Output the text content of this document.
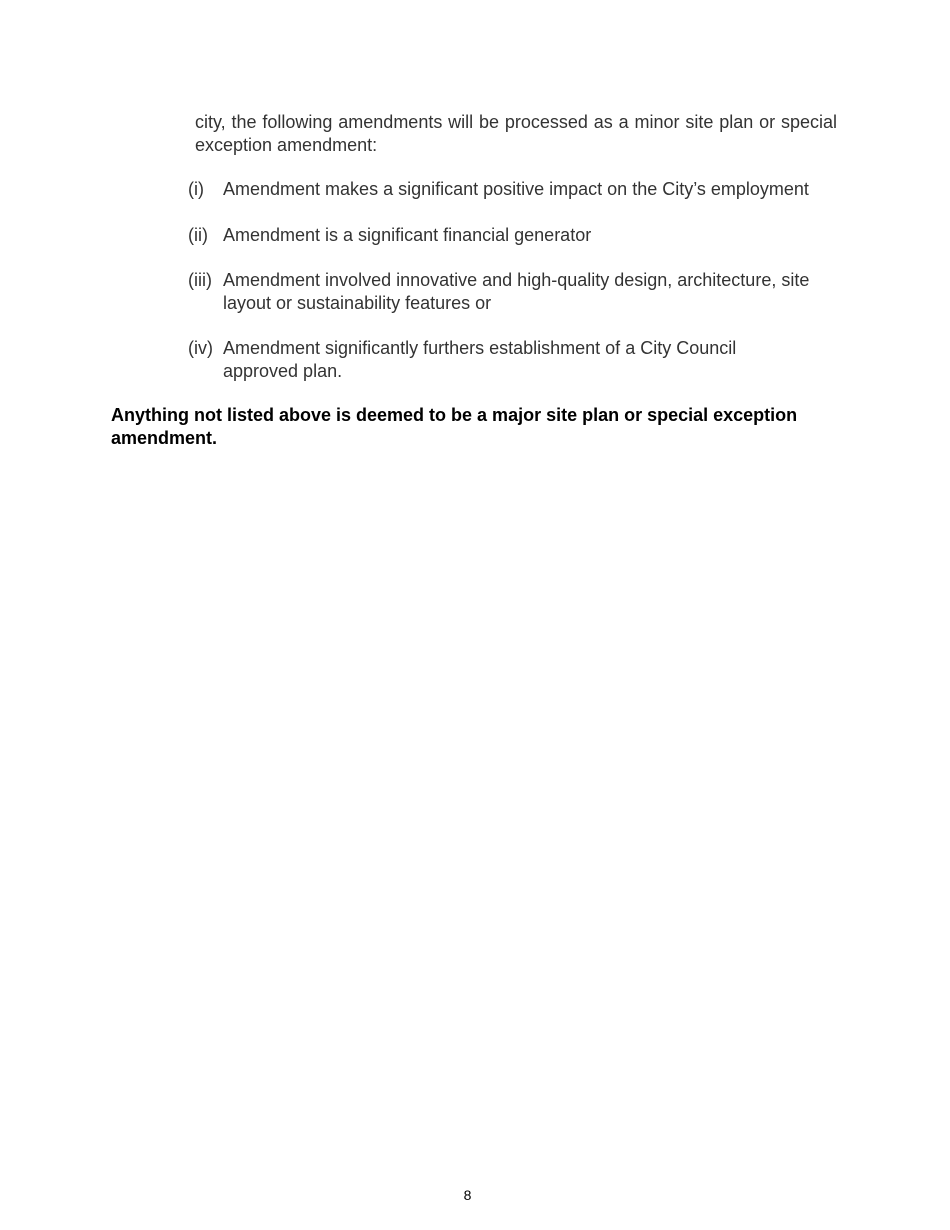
city, the following amendments will be processed as a minor site plan or special exception amendment:
(i) Amendment makes a significant positive impact on the City’s employment
(ii) Amendment is a significant financial generator
(iii) Amendment involved innovative and high-quality design, architecture, site layout or sustainability features or
(iv) Amendment significantly furthers establishment of a City Council approved plan.
Anything not listed above is deemed to be a major site plan or special exception amendment.
8
